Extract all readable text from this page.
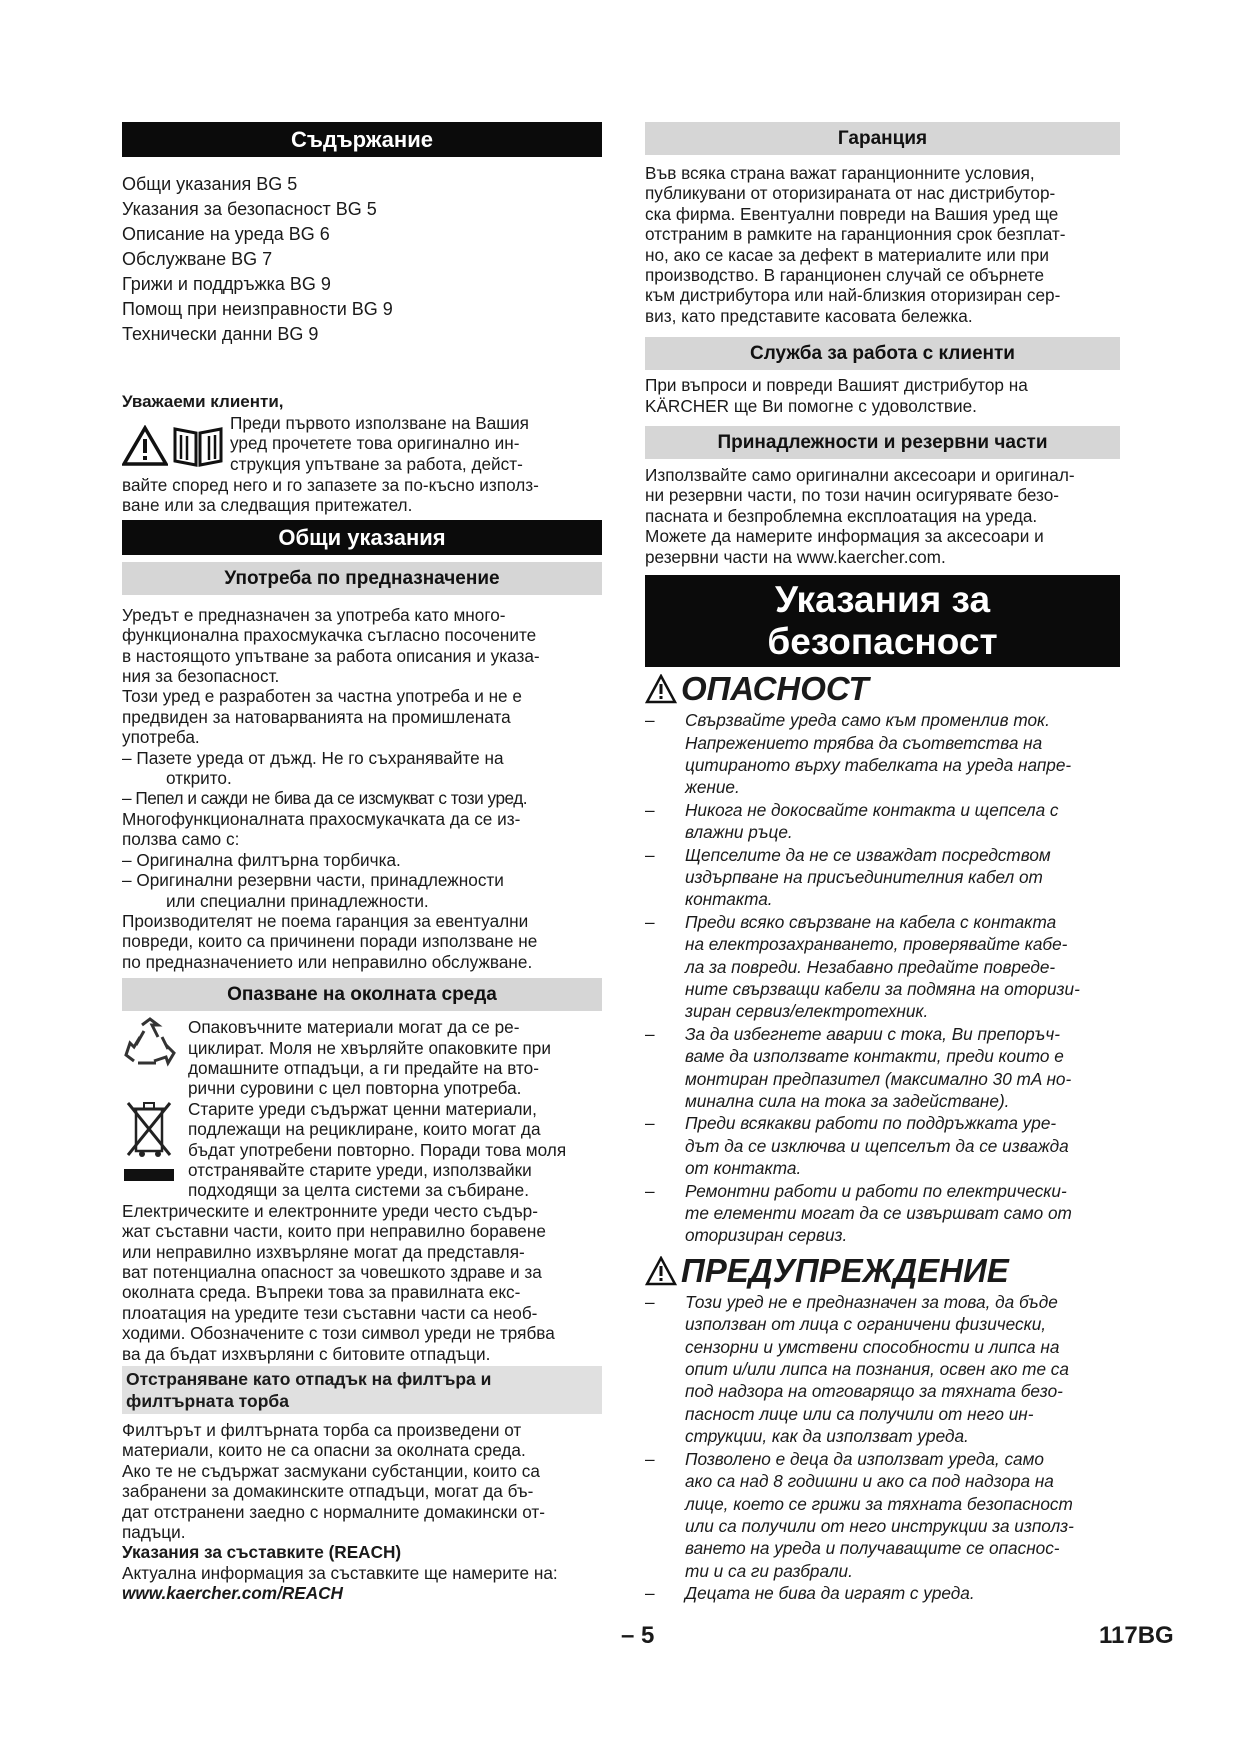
Съдържание
Общи указания BG 5
Указания за безопасност BG 5
Описание на уреда BG 6
Обслужване BG 7
Грижи и поддръжка BG 9
Помощ при неизправности BG 9
Технически данни BG 9
Уважаеми клиенти,

Преди първото използване на Вашия

уред прочетете това оригинално ин-

струкция упътване за работа, дейст-

вайте според него и го запазете за по-късно използ-

ване или за следващия притежател.

Общи указания
Употреба по предназначение

Уредът е предназначен за употреба като много-

функционална прахосмукачка съгласно посочените

в настоящото упътване за работа описания и указа-

ния за безопасност.

Този уред е разработен за частна употреба и не е

предвиден за натоварванията на промишлената

употреба.

– Пазете уреда от дъжд. Не го съхранявайте на

открито.

– Пепел и сажди не бива да се изсмукват с този уред.

Многофункционалната прахосмукачката да се из-

ползва само с:

– Оригинална филтърна торбичка.

– Оригинални резервни части, принадлежности

или специални принадлежности.

Производителят не поема гаранция за евентуални

повреди, които са причинени поради използване не

по предназначението или неправилно обслужване.

Опазване на околната среда

Опаковъчните материали могат да се ре-

циклират. Моля не хвърляйте опаковките при

домашните отпадъци, а ги предайте на вто-

рични суровини с цел повторна употреба.

Старите уреди съдържат ценни материали,

подлежащи на рециклиране, които могат да

бъдат употребени повторно. Поради това моля

отстранявайте старите уреди, използвайки

подходящи за целта системи за събиране.

Електрическите и електронните уреди често съдър-

жат съставни части, които при неправилно боравене

или неправилно изхвърляне могат да представля-

ват потенциална опасност за човешкото здраве и за

околната среда. Въпреки това за правилната екс-

плоатация на уредите тези съставни части са необ-

ходими. Обозначените с този символ уреди не трябва

ва да бъдат изхвърляни с битовите отпадъци.

Отстраняване като отпадък на филтъра и
филтърната торба

Филтърът и филтърната торба са произведени от

материали, които не са опасни за околната среда.

Ако те не съдържат засмукани субстанции, които са

забранени за домакинските отпадъци, могат да бъ-

дат отстранени заедно с нормалните домакински от-

падъци.

Указания за съставките (REACH)

Актуална информация за съставките ще намерите на:

www.kaercher.com/REACH

Гаранция

Във всяка страна важат гаранционните условия,

публикувани от оторизираната от нас дистрибутор-

ска фирма. Евентуални повреди на Вашия уред ще

отстраним в рамките на гаранционния срок безплат-

но, ако се касае за дефект в материалите или при

производство. В гаранционен случай се обърнете

към дистрибутора или най-близкия оторизиран сер-

виз, като представите касовата бележка.

Служба за работа с клиенти

При въпроси и повреди Вашият дистрибутор на

KÄRCHER ще Ви помогне с удоволствие.

Принадлежности и резервни части

Използвайте само оригинални аксесоари и оригинал-

ни резервни части, по този начин осигурявате безо-

пасната и безпроблемна експлоатация на уреда.

Можете да намерите информация за аксесоари и

резервни части на www.kaercher.com.

Указания за
безопасност
ОПАСНОСТ
–	Свързвайте уреда само към променлив ток.
Напрежението трябва да съответства на
цитираното върху табелката на уреда напре-
жение.
–	Никога не докосвайте контакта и щепсела с
влажни ръце.
–	Щепселите да не се изваждат посредством
издърпване на присъединителния кабел от
контакта.
–	Преди всяко свързване на кабела с контакта
на електрозахранването, проверявайте кабе-
ла за повреди. Незабавно предайте повреде-
ните свързващи кабели за подмяна на оторизи-
зиран сервиз/електротехник.
–	За да избегнете аварии с тока, Ви препоръч-
ваме да използвате контакти, преди които е
монтиран предпазител (максимално 30 mA но-
минална сила на тока за задействане).
–	Преди всякакви работи по поддръжката уре-
дът да се изключва и щепселът да се изважда
от контакта.
–	Ремонтни работи и работи по електрически-
те елементи могат да се извършват само от
оторизиран сервиз.
ПРЕДУПРЕЖДЕНИЕ
–	Този уред не е предназначен за това, да бъде
използван от лица с ограничени физически,
сензорни и умствени способности и липса на
опит и/или липса на познания, освен ако те са
под надзора на отговарящо за тяхната безо-
пасност лице или са получили от него ин-
струкции, как да използват уреда.
–	Позволено е деца да използват уреда, само
ако са над 8 годишни и ако са под надзора на
лице, което се грижи за тяхната безопасност
или са получили от него инструкции за използ-
ването на уреда и получаващите се опаснос-
ти и са ги разбрали.
–	Децата не бива да играят с уреда.
– 5	117BG
